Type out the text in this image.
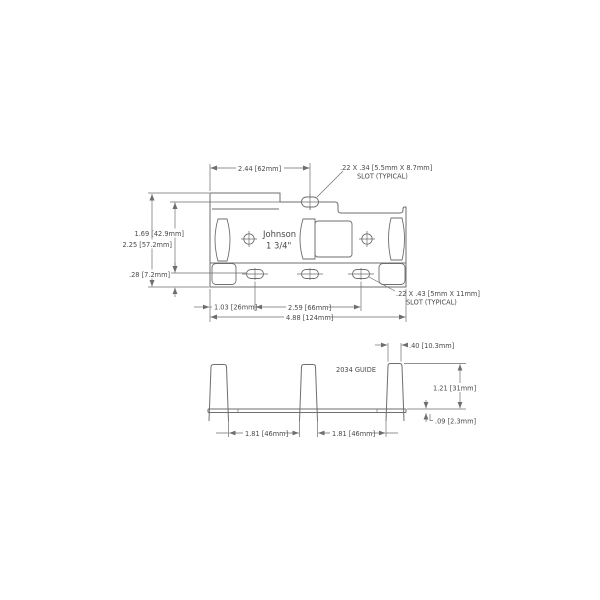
Johnson
1 3/4"
2.44 [62mm]
1.69 [42.9mm]
2.25 [57.2mm]
.28 [7.2mm]
1.03 [26mm]	2.59 [66mm]
4.88 [124mm]
.22 X .34 [5.5mm X 8.7mm]
SLOT (TYPICAL)
.22 X .43 [5mm X 11mm]
SLOT (TYPICAL)
2034 GUIDE
.40 [10.3mm]
1.21 [31mm]
.09 [2.3mm]
1.81 [46mm]	1.81 [46mm]
